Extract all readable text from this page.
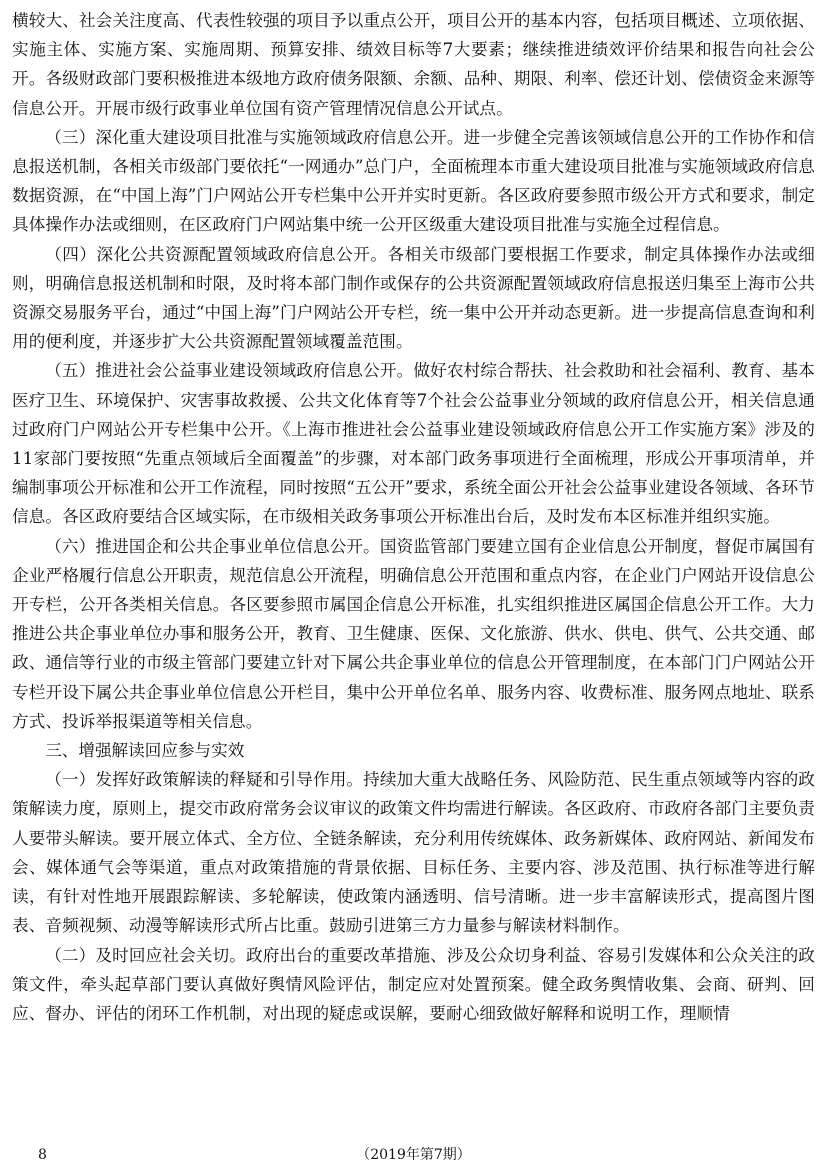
横较大、社会关注度高、代表性较强的项目予以重点公开，项目公开的基本内容，包括项目概述、立项依据、实施主体、实施方案、实施周期、预算安排、绩效目标等7大要素；继续推进绩效评价结果和报告向社会公开。各级财政部门要积极推进本级地方政府债务限额、余额、品种、期限、利率、偿还计划、偿债资金来源等信息公开。开展市级行政事业单位国有资产管理情况信息公开试点。

（三）深化重大建设项目批准与实施领域政府信息公开。进一步健全完善该领域信息公开的工作协作和信息报送机制，各相关市级部门要依托“一网通办”总门户，全面梳理本市重大建设项目批准与实施领域政府信息数据资源，在“中国上海”门户网站公开专栏集中公开并实时更新。各区政府要参照市级公开方式和要求，制定具体操作办法或细则，在区政府门户网站集中统一公开区级重大建设项目批准与实施全过程信息。

（四）深化公共资源配置领域政府信息公开。各相关市级部门要根据工作要求，制定具体操作办法或细则，明确信息报送机制和时限，及时将本部门制作或保存的公共资源配置领域政府信息报送归集至上海市公共资源交易服务平台，通过“中国上海”门户网站公开专栏，统一集中公开并动态更新。进一步提高信息查询和利用的便利度，并逐步扩大公共资源配置领域覆盖范围。

（五）推进社会公益事业建设领域政府信息公开。做好农村综合帮扶、社会救助和社会福利、教育、基本医疗卫生、环境保护、灾害事故救援、公共文化体育等7个社会公益事业分领域的政府信息公开，相关信息通过政府门户网站公开专栏集中公开。《上海市推进社会公益事业建设领域政府信息公开工作实施方案》涉及的11家部门要按照“先重点领域后全面覆盖”的步骤，对本部门政务事项进行全面梳理，形成公开事项清单，并编制事项公开标准和公开工作流程，同时按照“五公开”要求，系统全面公开社会公益事业建设各领域、各环节信息。各区政府要结合区域实际，在市级相关政务事项公开标准出台后，及时发布本区标准并组织实施。

（六）推进国企和公共企事业单位信息公开。国资监管部门要建立国有企业信息公开制度，督促市属国有企业严格履行信息公开职责，规范信息公开流程，明确信息公开范围和重点内容，在企业门户网站开设信息公开专栏，公开各类相关信息。各区要参照市属国企信息公开标准，扎实组织推进区属国企信息公开工作。大力推进公共企事业单位办事和服务公开，教育、卫生健康、医保、文化旅游、供水、供电、供气、公共交通、邮政、通信等行业的市级主管部门要建立针对下属公共企事业单位的信息公开管理制度，在本部门门户网站公开专栏开设下属公共企事业单位信息公开栏目，集中公开单位名单、服务内容、收费标准、服务网点地址、联系方式、投诉举报渠道等相关信息。

三、增强解读回应参与实效

（一）发挥好政策解读的释疑和引导作用。持续加大重大战略任务、风险防范、民生重点领域等内容的政策解读力度，原则上，提交市政府常务会议审议的政策文件均需进行解读。各区政府、市政府各部门主要负责人要带头解读。要开展立体式、全方位、全链条解读，充分利用传统媒体、政务新媒体、政府网站、新闻发布会、媒体通气会等渠道，重点对政策措施的背景依据、目标任务、主要内容、涉及范围、执行标准等进行解读，有针对性地开展跟踪解读、多轮解读，使政策内涵透明、信号清晰。进一步丰富解读形式，提高图片图表、音频视频、动漫等解读形式所占比重。鼓励引进第三方力量参与解读材料制作。

（二）及时回应社会关切。政府出台的重要改革措施、涉及公众切身利益、容易引发媒体和公众关注的政策文件，牵头起草部门要认真做好舆情风险评估，制定应对处置预案。健全政务舆情收集、会商、研判、回应、督办、评估的闭环工作机制，对出现的疑虑或误解，要耐心细致做好解释和说明工作，理顺情

（2019年第7期）
8
